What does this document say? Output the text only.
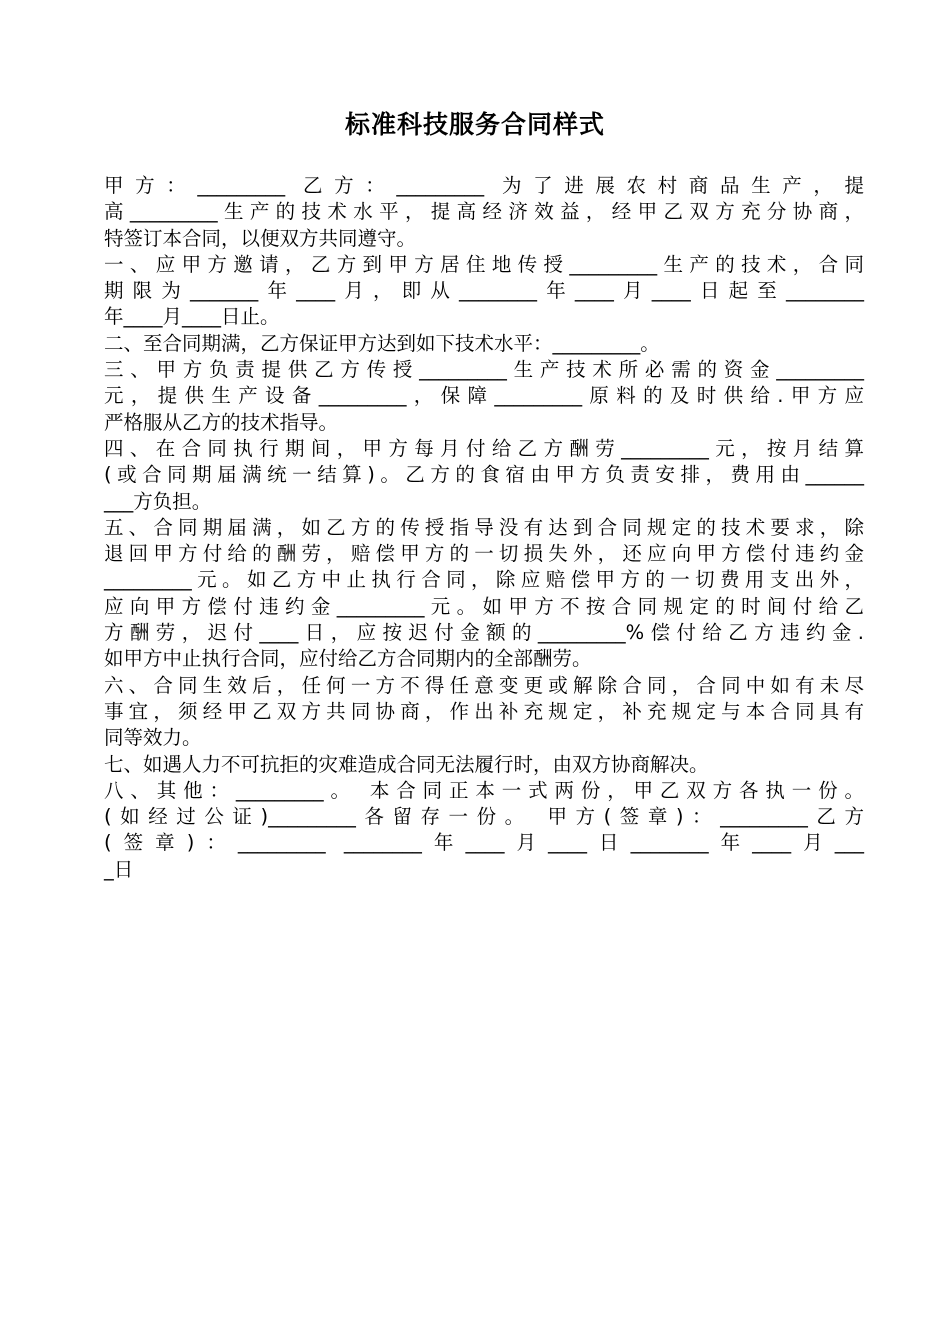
标准科技服务合同样式
甲方：_________ 乙方：_________ 为了进展农村商品生产，提
高_________生产的技术水平，提高经济效益，经甲乙双方充分协商，
特签订本合同，以便双方共同遵守。
一、应甲方邀请，乙方到甲方居住地传授_________生产的技术，合同
期限为_______年____月，即从________年____月____日起至________
年____月____日止。
二、至合同期满，乙方保证甲方达到如下技术水平：_________。
三、甲方负责提供乙方传授_________生产技术所必需的资金_________
元，提供生产设备_________，保障_________原料的及时供给.甲方应
严格服从乙方的技术指导。
四、在合同执行期间，甲方每月付给乙方酬劳_________元，按月结算
(或合同期届满统一结算)。乙方的食宿由甲方负责安排，费用由______
___方负担。
五、合同期届满，如乙方的传授指导没有达到合同规定的技术要求，除
退回甲方付给的酬劳，赔偿甲方的一切损失外，还应向甲方偿付违约金
_________元。如乙方中止执行合同，除应赔偿甲方的一切费用支出外，
应向甲方偿付违约金_________元。如甲方不按合同规定的时间付给乙
方酬劳，迟付____日，应按迟付金额的_________%偿付给乙方违约金.
如甲方中止执行合同，应付给乙方合同期内的全部酬劳。
六、合同生效后，任何一方不得任意变更或解除合同，合同中如有未尽
事宜，须经甲乙双方共同协商，作出补充规定，补充规定与本合同具有
同等效力。
七、如遇人力不可抗拒的灾难造成合同无法履行时，由双方协商解决。
八、其他：_________。 本合同正本一式两份，甲乙双方各执一份。
(如经过公证)_________各留存一份。 甲方(签章)：_________乙方
(签章)：_________ ________年____月____日________年____月___
_日
